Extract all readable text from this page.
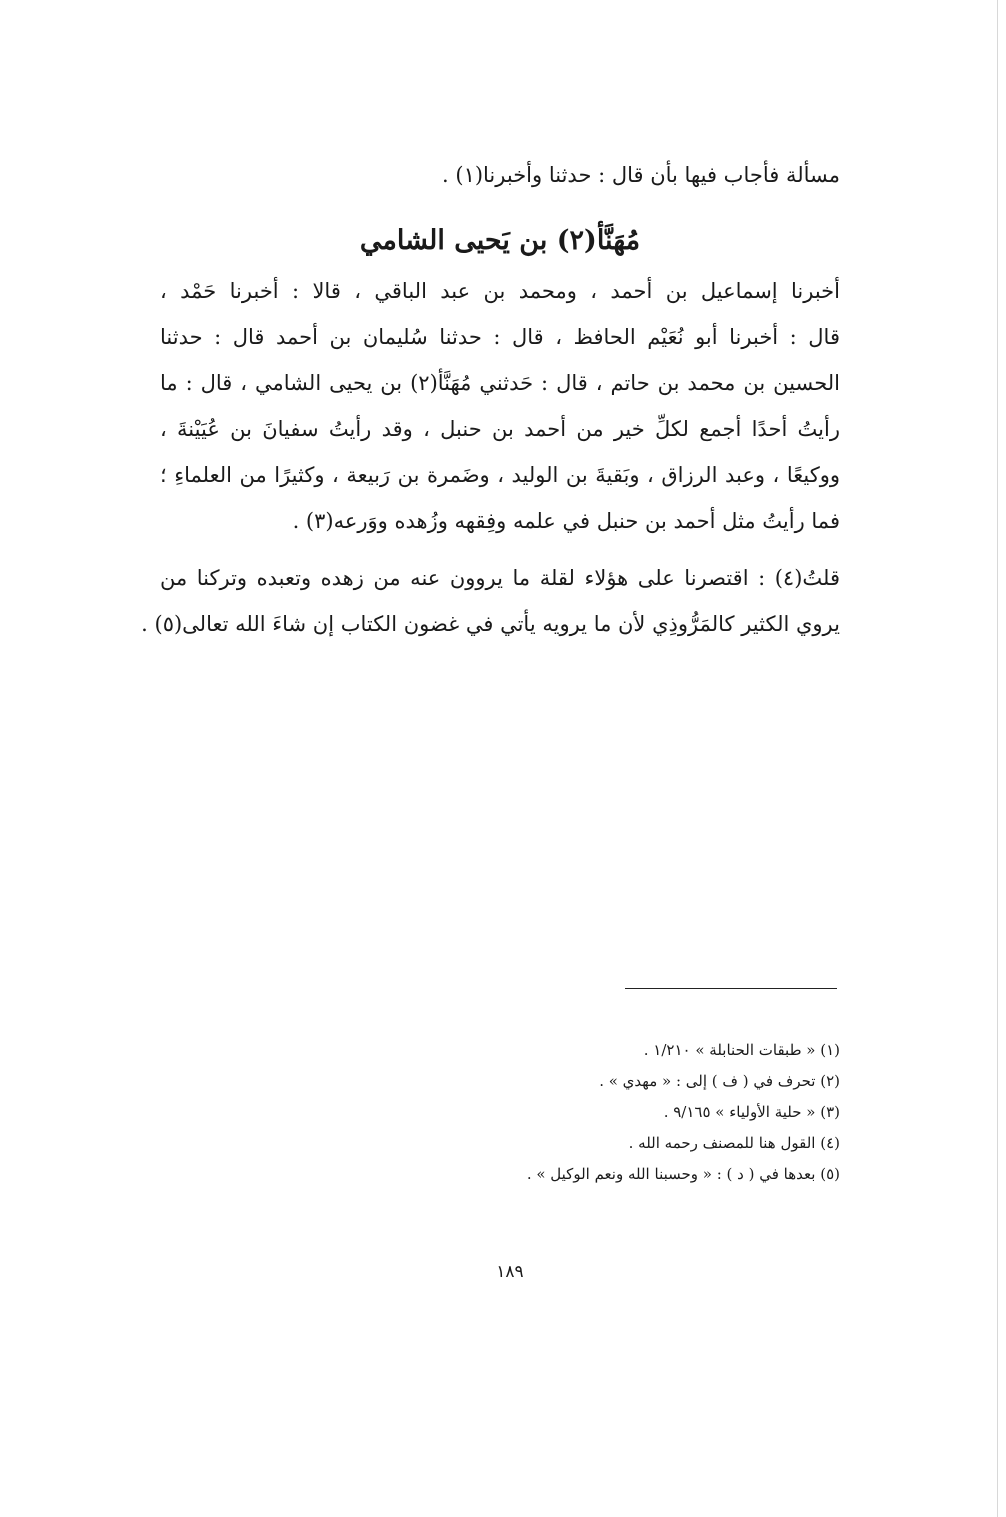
مسألة فأجاب فيها بأن قال : حدثنا وأخبرنا(١) .
مُهَنَّأ(٢) بن يَحيى الشامي
أخبرنا إسماعيل بن أحمد ، ومحمد بن عبد الباقي ، قالا : أخبرنا حَمْد ،
قال : أخبرنا أبو نُعَيْم الحافظ ، قال : حدثنا سُليمان بن أحمد قال : حدثنا
الحسين بن محمد بن حاتم ، قال : حَدثني مُهَنَّأ(٢) بن يحيى الشامي ، قال : ما
رأيتُ أحدًا أجمع لكلِّ خير من أحمد بن حنبل ، وقد رأيتُ سفيانَ بن عُيَيْنةَ ،
ووكيعًا ، وعبد الرزاق ، وبَقيةَ بن الوليد ، وضَمرة بن رَبيعة ، وكثيرًا من العلماءِ ؛
فما رأيتُ مثل أحمد بن حنبل في علمه وفِقهه وزُهده ووَرعه(٣) .
قلتُ(٤) : اقتصرنا على هؤلاء لقلة ما يروون عنه من زهده وتعبده وتركنا من
يروي الكثير كالمَرُّوذِي لأن ما يرويه يأتي في غضون الكتاب إن شاءَ الله تعالى(٥) .
(١) « طبقات الحنابلة » ١/٢١٠ .
(٢) تحرف في ( ف ) إلى : « مهدي » .
(٣) « حلية الأولياء » ٩/١٦٥ .
(٤) القول هنا للمصنف رحمه الله .
(٥) بعدها في ( د ) : « وحسبنا الله ونعم الوكيل » .
١٨٩
